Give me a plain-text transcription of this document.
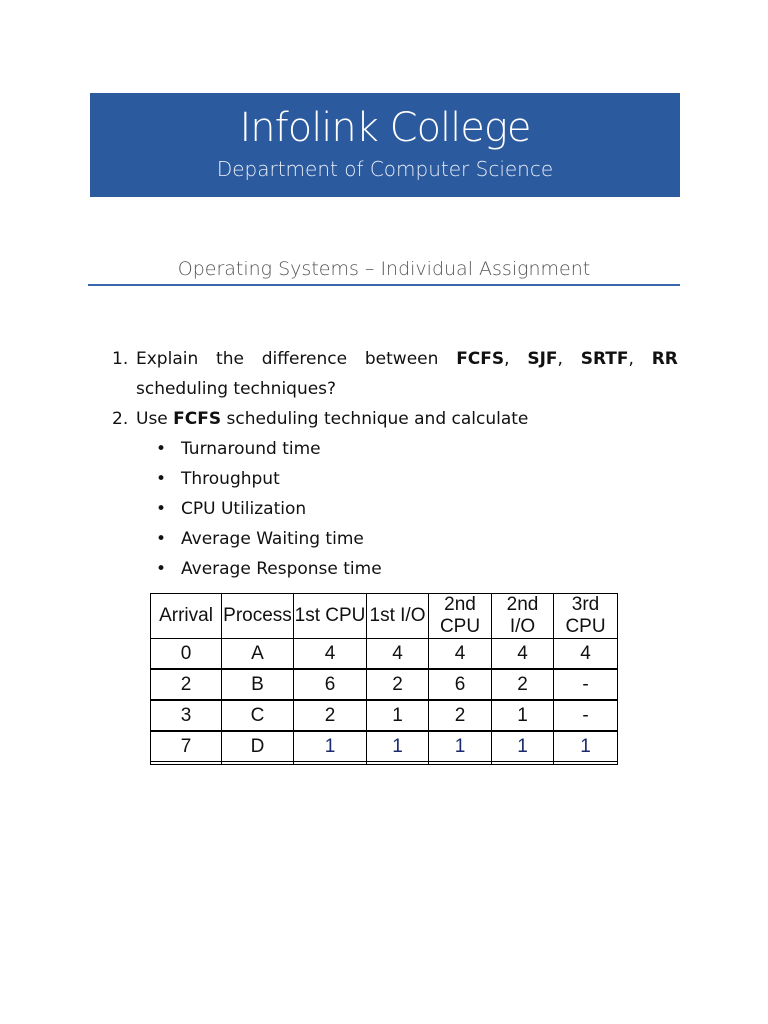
Infolink College
Department of Computer Science
Operating Systems – Individual Assignment
1. Explain the difference between FCFS, SJF, SRTF, RR
scheduling techniques?
2. Use FCFS scheduling technique and calculate
• Turnaround time
• Throughput
• CPU Utilization
• Average Waiting time
• Average Response time
Arrival	Process	1st CPU	1st I/O	2nd CPU	2nd I/O	3rd CPU
0	A	4	4	4	4	4
2	B	6	2	6	2	-
3	C	2	1	2	1	-
7	D	1	1	1	1	1
